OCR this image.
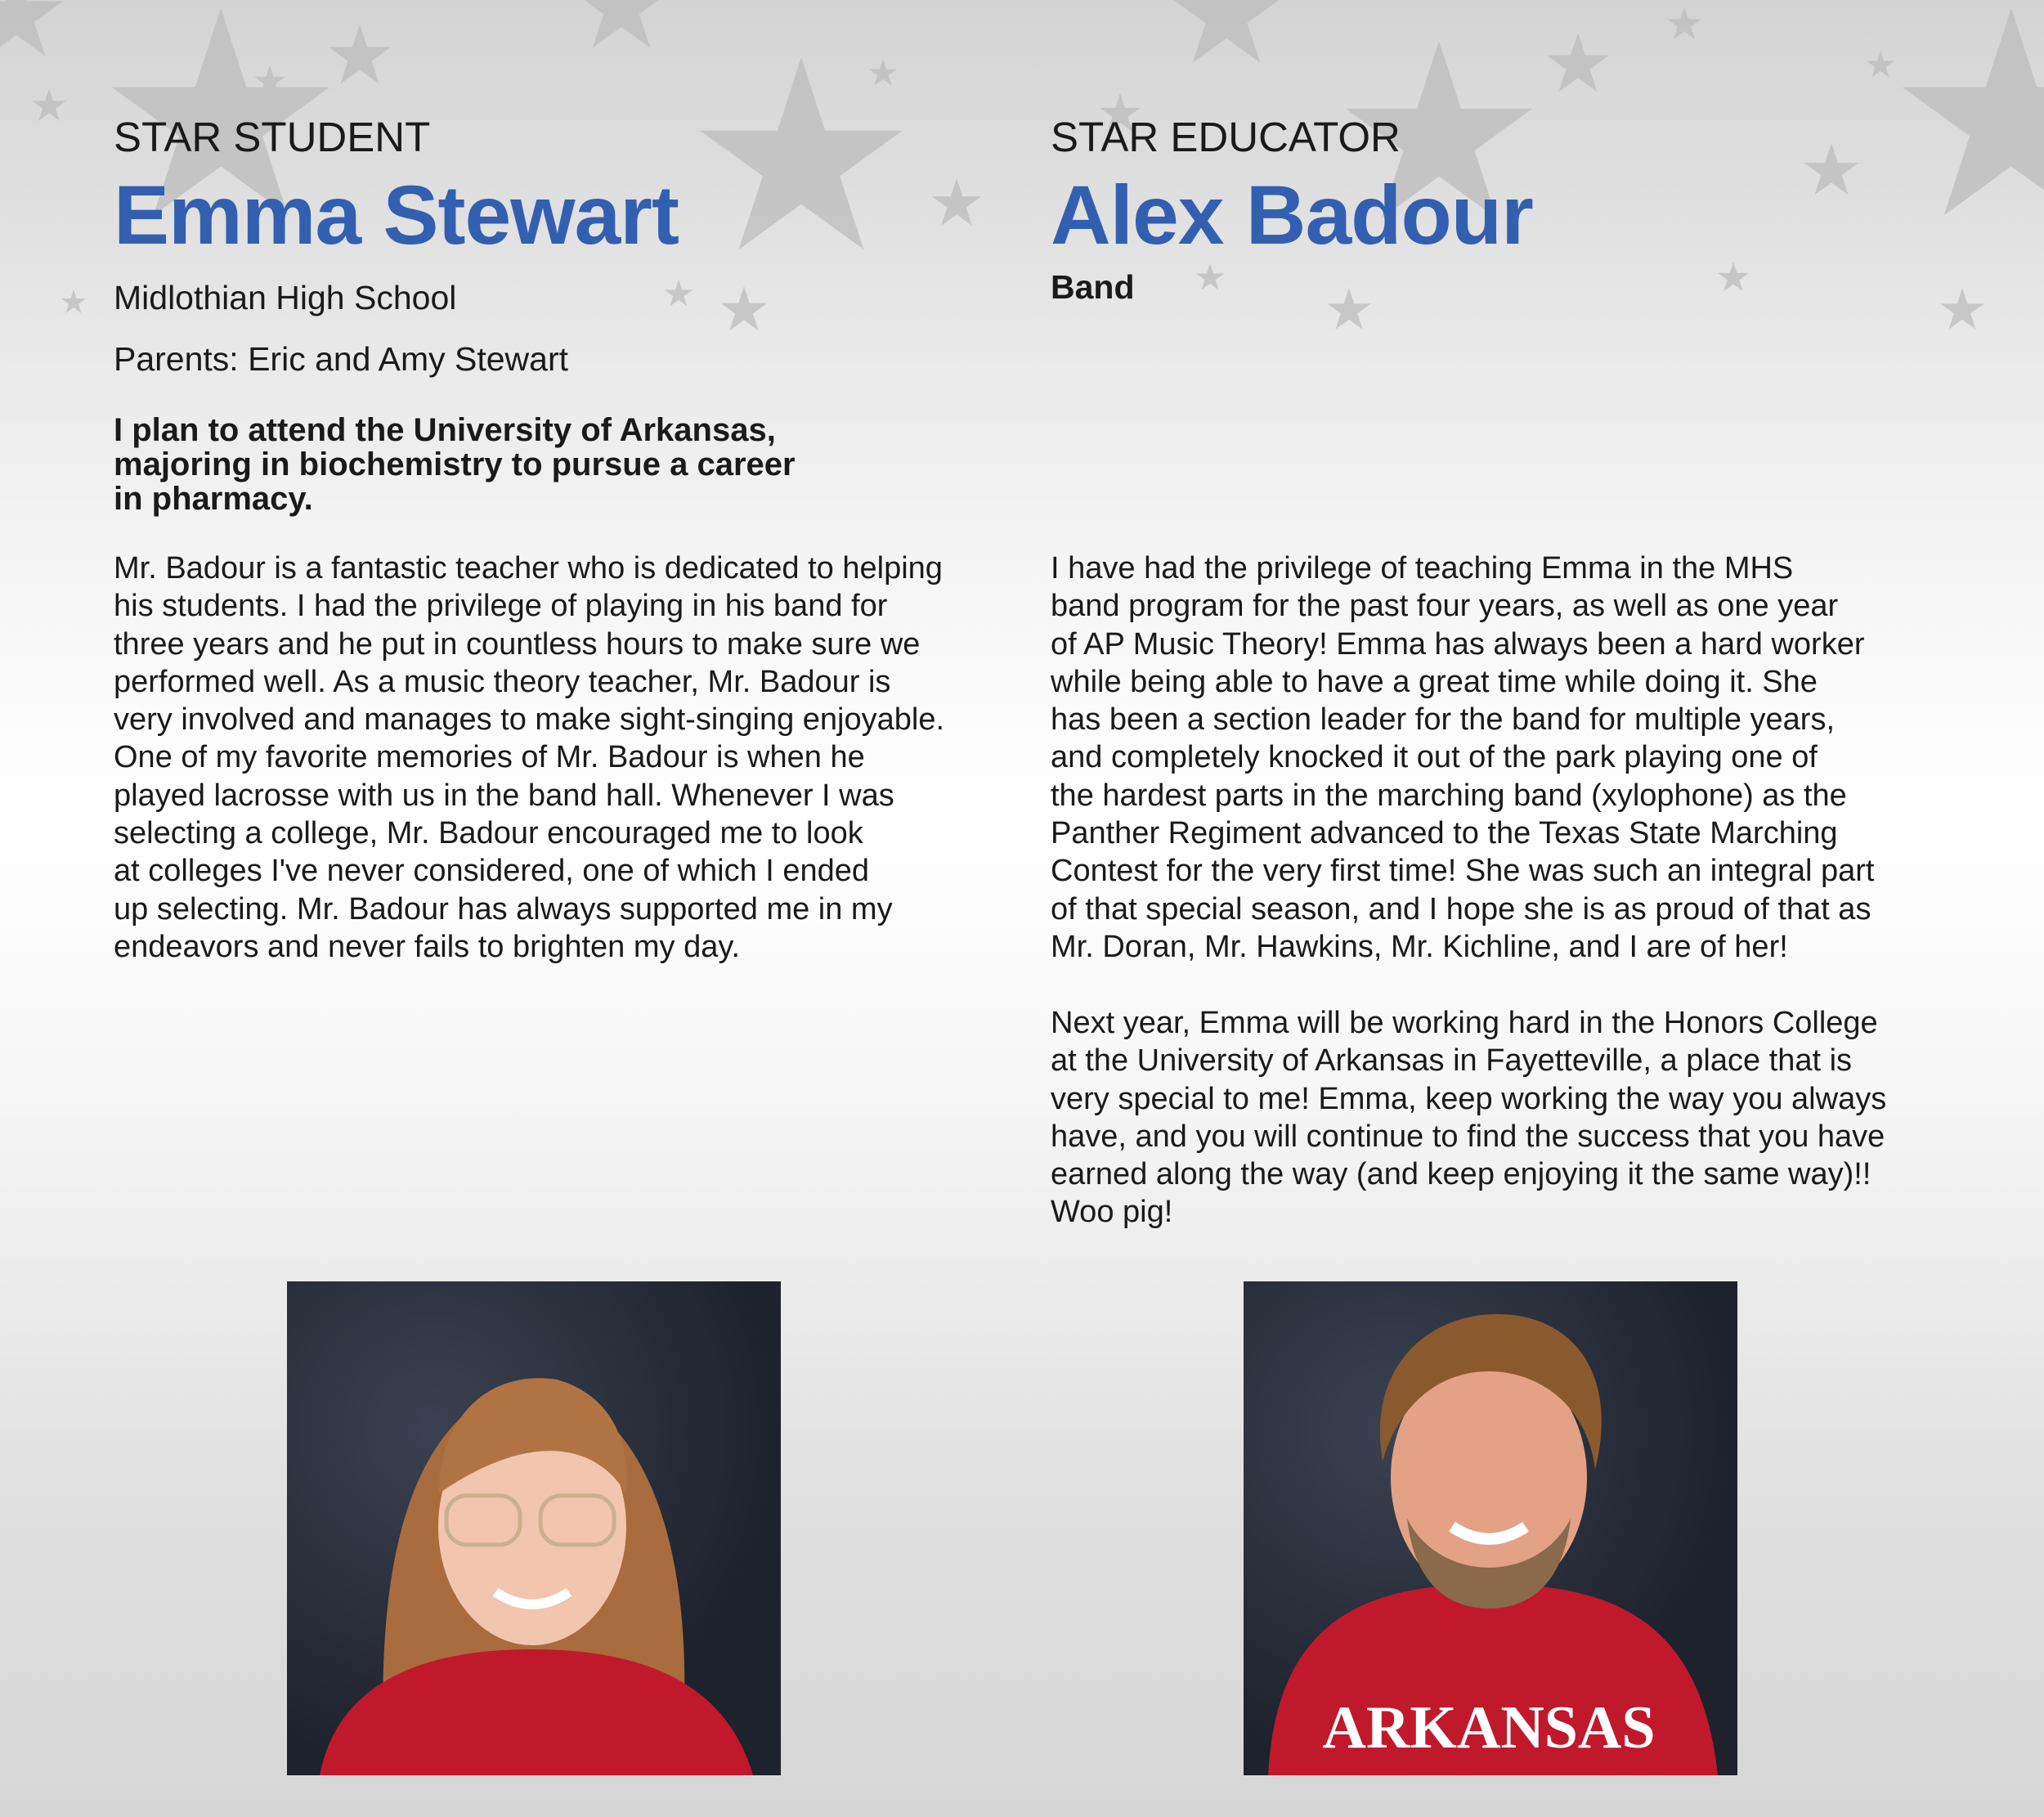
STAR STUDENT
Emma Stewart
Midlothian High School
Parents: Eric and Amy Stewart
I plan to attend the University of Arkansas,
majoring in biochemistry to pursue a career
in pharmacy.
Mr. Badour is a fantastic teacher who is dedicated to helping
his students. I had the privilege of playing in his band for
three years and he put in countless hours to make sure we
performed well. As a music theory teacher, Mr. Badour is
very involved and manages to make sight-singing enjoyable.
One of my favorite memories of Mr. Badour is when he
played lacrosse with us in the band hall. Whenever I was
selecting a college, Mr. Badour encouraged me to look
at colleges I've never considered, one of which I ended
up selecting. Mr. Badour has always supported me in my
endeavors and never fails to brighten my day.
STAR EDUCATOR
Alex Badour
Band
I have had the privilege of teaching Emma in the MHS
band program for the past four years, as well as one year
of AP Music Theory! Emma has always been a hard worker
while being able to have a great time while doing it. She
has been a section leader for the band for multiple years,
and completely knocked it out of the park playing one of
the hardest parts in the marching band (xylophone) as the
Panther Regiment advanced to the Texas State Marching
Contest for the very first time! She was such an integral part
of that special season, and I hope she is as proud of that as
Mr. Doran, Mr. Hawkins, Mr. Kichline, and I are of her!
Next year, Emma will be working hard in the Honors College
at the University of Arkansas in Fayetteville, a place that is
very special to me! Emma, keep working the way you always
have, and you will continue to find the success that you have
earned along the way (and keep enjoying it the same way)!!
Woo pig!
ARKANSAS
